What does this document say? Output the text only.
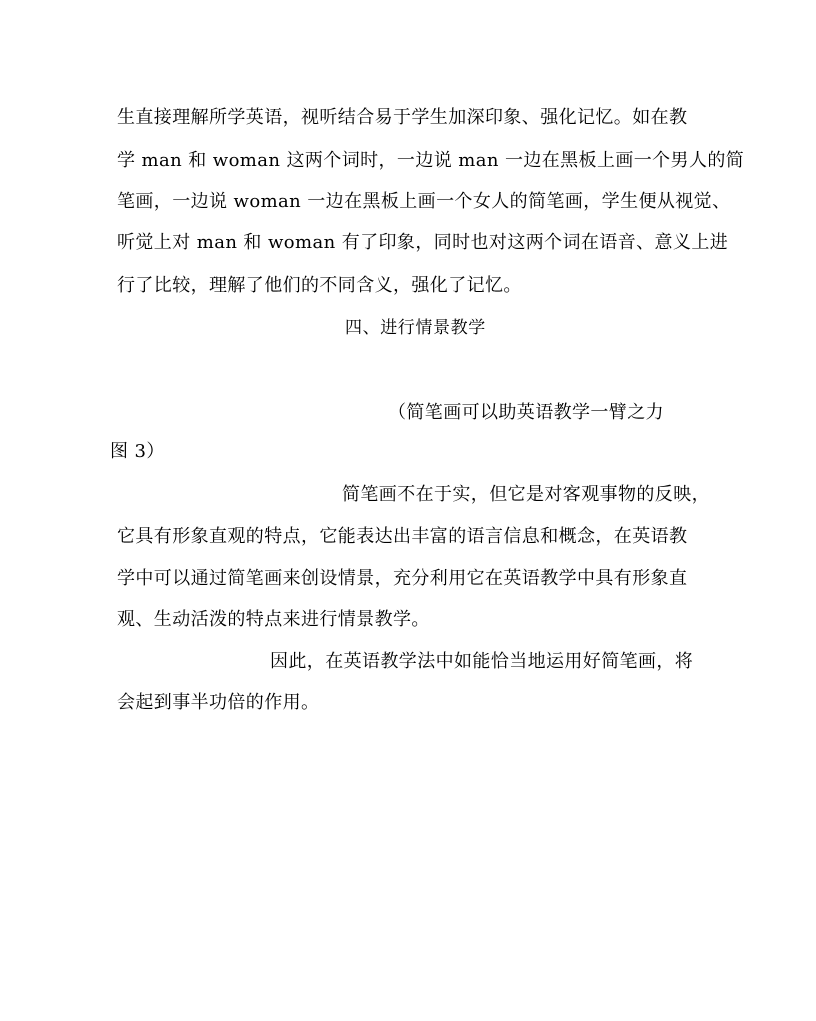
生直接理解所学英语，视听结合易于学生加深印象、强化记忆。如在教
学 man 和 woman 这两个词时，一边说 man 一边在黑板上画一个男人的简
笔画，一边说 woman 一边在黑板上画一个女人的简笔画，学生便从视觉、
听觉上对 man 和 woman 有了印象，同时也对这两个词在语音、意义上进
行了比较，理解了他们的不同含义，强化了记忆。
四、进行情景教学
（简笔画可以助英语教学一臂之力
图 3）
简笔画不在于实，但它是对客观事物的反映，
它具有形象直观的特点，它能表达出丰富的语言信息和概念，在英语教
学中可以通过简笔画来创设情景，充分利用它在英语教学中具有形象直
观、生动活泼的特点来进行情景教学。
因此，在英语教学法中如能恰当地运用好简笔画，将
会起到事半功倍的作用。
